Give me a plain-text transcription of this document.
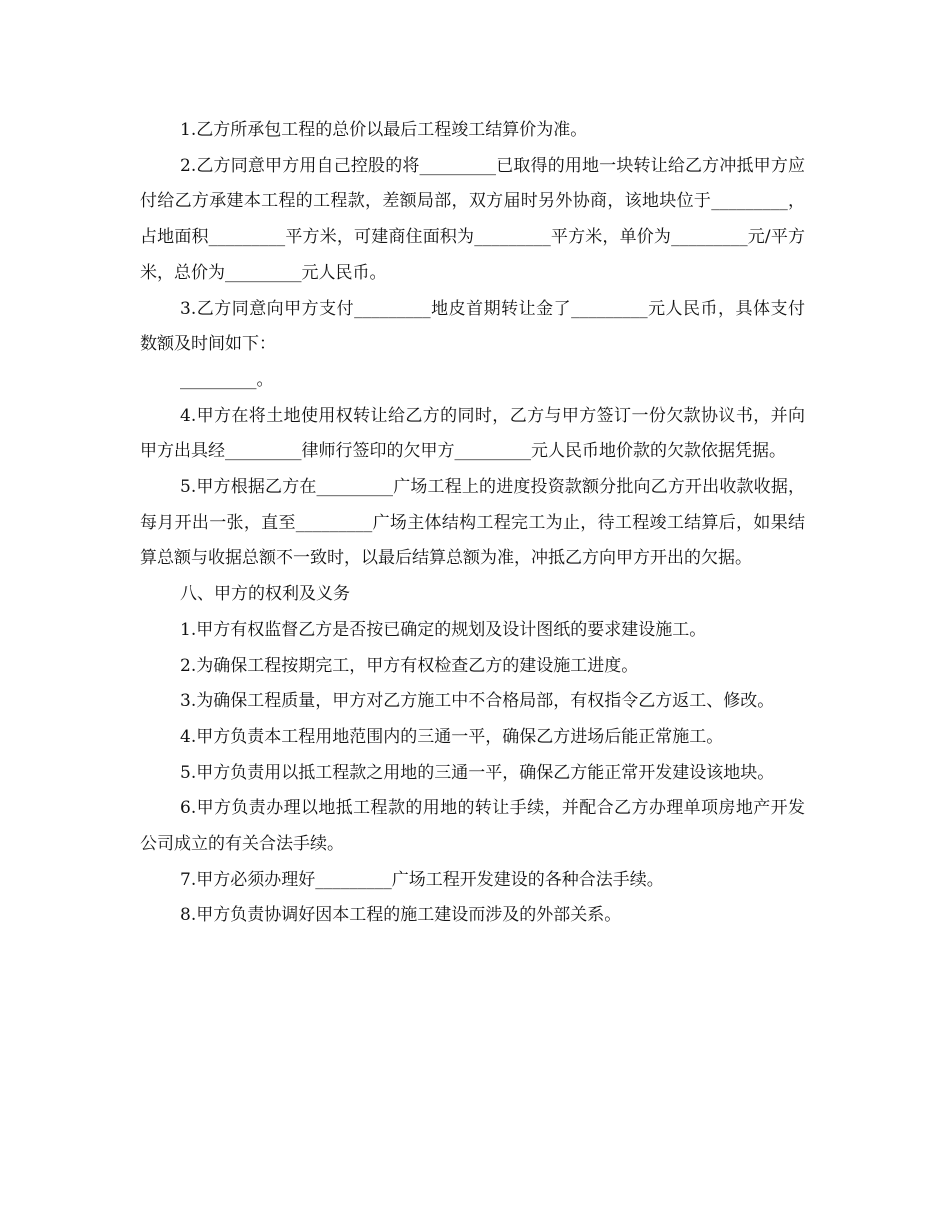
1.乙方所承包工程的总价以最后工程竣工结算价为准。

2.乙方同意甲方用自己控股的将_________已取得的用地一块转让给乙方冲抵甲方应付给乙方承建本工程的工程款，差额局部，双方届时另外协商，该地块位于_________，占地面积_________平方米，可建商住面积为_________平方米，单价为_________元/平方米，总价为_________元人民币。

3.乙方同意向甲方支付_________地皮首期转让金了_________元人民币，具体支付数额及时间如下：

_________。

4.甲方在将土地使用权转让给乙方的同时，乙方与甲方签订一份欠款协议书，并向甲方出具经_________律师行签印的欠甲方_________元人民币地价款的欠款依据凭据。

5.甲方根据乙方在_________广场工程上的进度投资款额分批向乙方开出收款收据，每月开出一张，直至_________广场主体结构工程完工为止，待工程竣工结算后，如果结算总额与收据总额不一致时，以最后结算总额为准，冲抵乙方向甲方开出的欠据。

八、甲方的权利及义务

1.甲方有权监督乙方是否按已确定的规划及设计图纸的要求建设施工。

2.为确保工程按期完工，甲方有权检查乙方的建设施工进度。

3.为确保工程质量，甲方对乙方施工中不合格局部，有权指令乙方返工、修改。

4.甲方负责本工程用地范围内的三通一平，确保乙方进场后能正常施工。

5.甲方负责用以抵工程款之用地的三通一平，确保乙方能正常开发建设该地块。

6.甲方负责办理以地抵工程款的用地的转让手续，并配合乙方办理单项房地产开发公司成立的有关合法手续。

7.甲方必须办理好_________广场工程开发建设的各种合法手续。

8.甲方负责协调好因本工程的施工建设而涉及的外部关系。
